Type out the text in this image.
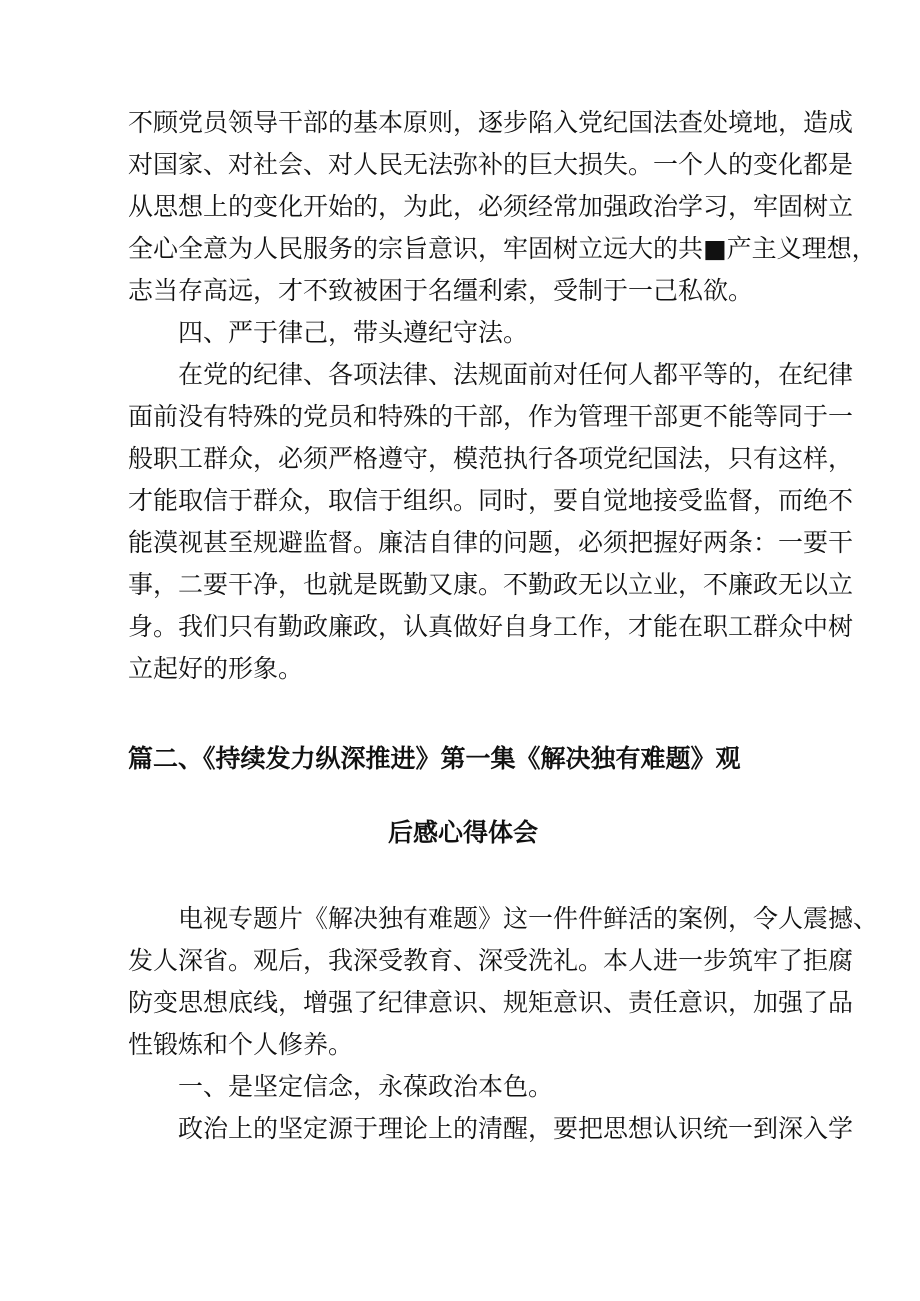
不顾党员领导干部的基本原则，逐步陷入党纪国法查处境地，造成
对国家、对社会、对人民无法弥补的巨大损失。一个人的变化都是
从思想上的变化开始的，为此，必须经常加强政治学习，牢固树立
全心全意为人民服务的宗旨意识，牢固树立远大的共■产主义理想，
志当存高远，才不致被困于名缰利索，受制于一己私欲。
四、严于律己，带头遵纪守法。
在党的纪律、各项法律、法规面前对任何人都平等的，在纪律
面前没有特殊的党员和特殊的干部，作为管理干部更不能等同于一
般职工群众，必须严格遵守，模范执行各项党纪国法，只有这样，
才能取信于群众，取信于组织。同时，要自觉地接受监督，而绝不
能漠视甚至规避监督。廉洁自律的问题，必须把握好两条：一要干
事，二要干净，也就是既勤又康。不勤政无以立业，不廉政无以立
身。我们只有勤政廉政，认真做好自身工作，才能在职工群众中树
立起好的形象。
篇二、《持续发力纵深推进》第一集《解决独有难题》观
后感心得体会
电视专题片《解决独有难题》这一件件鲜活的案例，令人震撼、
发人深省。观后，我深受教育、深受洗礼。本人进一步筑牢了拒腐
防变思想底线，增强了纪律意识、规矩意识、责任意识，加强了品
性锻炼和个人修养。
一、是坚定信念，永葆政治本色。
政治上的坚定源于理论上的清醒，要把思想认识统一到深入学
